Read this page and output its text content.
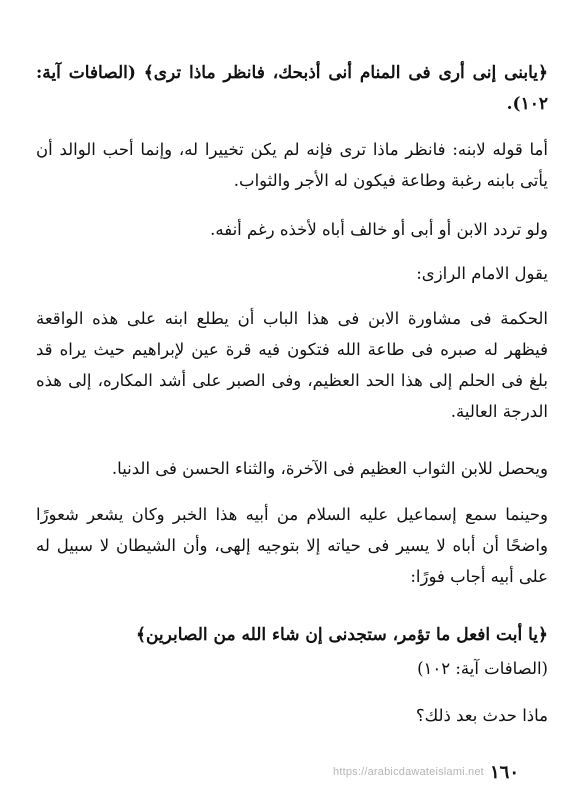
﴿يابنى إنى أرى فى المنام أنى أذبحك، فانظر ماذا ترى﴾ (الصافات آية: ١٠٢).

أما قوله لابنه: فانظر ماذا ترى فإنه لم يكن تخييرا له، وإنما أحب الوالد أن يأتى بابنه رغبة وطاعة فيكون له الأجر والثواب.

ولو تردد الابن أو أبى أو خالف أباه لأخذه رغم أنفه.

يقول الامام الرازى:

الحكمة فى مشاورة الابن فى هذا الباب أن يطلع ابنه على هذه الواقعة فيظهر له صبره فى طاعة الله فتكون فيه قرة عين لإبراهيم حيث يراه قد بلغ فى الحلم إلى هذا الحد العظيم، وفى الصبر على أشد المكاره، إلى هذه الدرجة العالية.

ويحصل للابن الثواب العظيم فى الآخرة، والثناء الحسن فى الدنيا.

وحينما سمع إسماعيل عليه السلام من أبيه هذا الخبر وكان يشعر شعورًا واضحًا أن أباه لا يسير فى حياته إلا بتوجيه إلهى، وأن الشيطان لا سبيل له على أبيه أجاب فورًا:

﴿يا أبت افعل ما تؤمر، ستجدنى إن شاء الله من الصابرين﴾

(الصافات آية: ١٠٢)

ماذا حدث بعد ذلك؟

https://arabicdawateislami.net ١٦٠
